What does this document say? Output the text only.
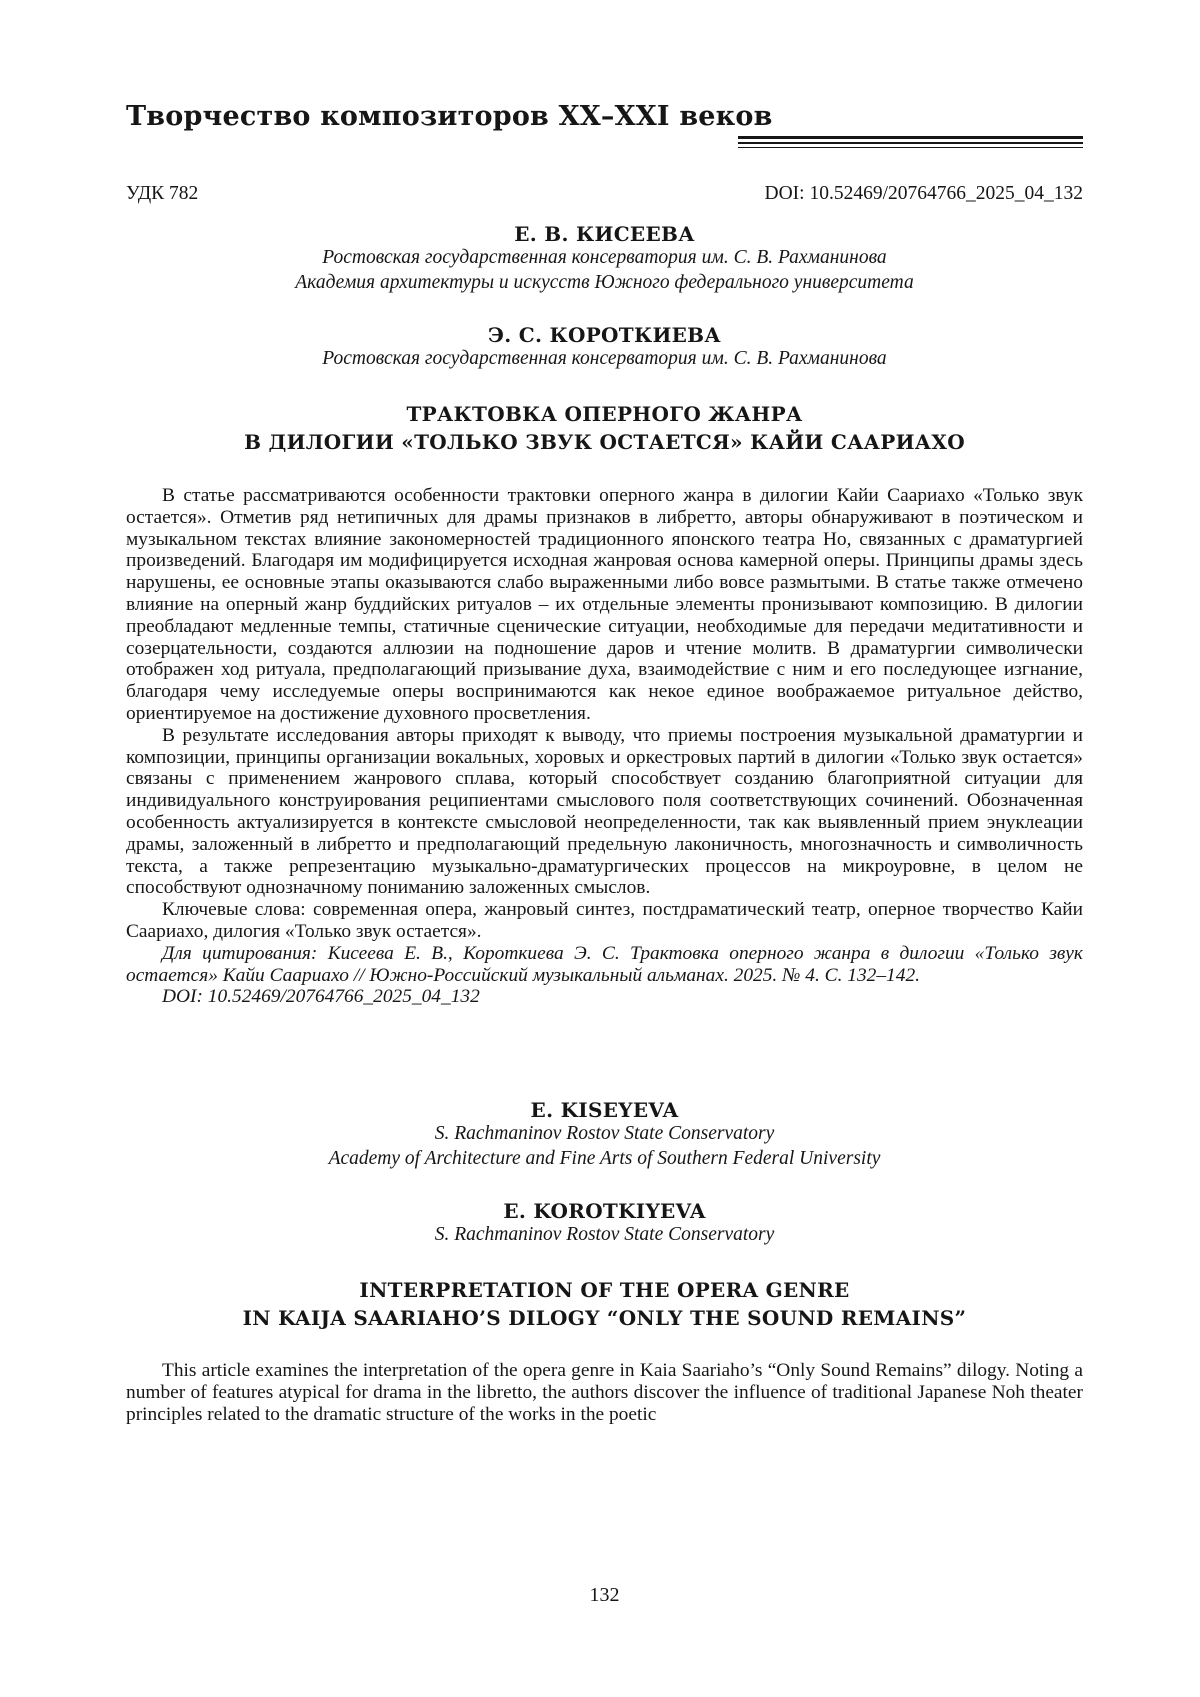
Творчество композиторов XX–XXI веков
УДК 782	DOI: 10.52469/20764766_2025_04_132
Е. В. КИСЕЕВА
Ростовская государственная консерватория им. С. В. Рахманинова
Академия архитектуры и искусств Южного федерального университета
Э. С. КОРОТКИЕВА
Ростовская государственная консерватория им. С. В. Рахманинова
ТРАКТОВКА ОПЕРНОГО ЖАНРА
В ДИЛОГИИ «ТОЛЬКО ЗВУК ОСТАЕТСЯ» КАЙИ СААРИАХО

В статье рассматриваются особенности трактовки оперного жанра в дилогии Кайи Саариахо «Только звук остается». Отметив ряд нетипичных для драмы признаков в либретто, авторы обнаруживают в поэтическом и музыкальном текстах влияние закономерностей традиционного японского театра Но, связанных с драматургией произведений. Благодаря им модифицируется исходная жанровая основа камерной оперы. Принципы драмы здесь нарушены, ее основные этапы оказываются слабо выраженными либо вовсе размытыми. В статье также отмечено влияние на оперный жанр буддийских ритуалов – их отдельные элементы пронизывают композицию. В дилогии преобладают медленные темпы, статичные сценические ситуации, необходимые для передачи медитативности и созерцательности, создаются аллюзии на подношение даров и чтение молитв. В драматургии символически отображен ход ритуала, предполагающий призывание духа, взаимодействие с ним и его последующее изгнание, благодаря чему исследуемые оперы воспринимаются как некое единое воображаемое ритуальное действо, ориентируемое на достижение духовного просветления.

В результате исследования авторы приходят к выводу, что приемы построения музыкальной драматургии и композиции, принципы организации вокальных, хоровых и оркестровых партий в дилогии «Только звук остается» связаны с применением жанрового сплава, который способствует созданию благоприятной ситуации для индивидуального конструирования реципиентами смыслового поля соответствующих сочинений. Обозначенная особенность актуализируется в контексте смысловой неопределенности, так как выявленный прием энуклеации драмы, заложенный в либретто и предполагающий предельную лаконичность, многозначность и символичность текста, а также репрезентацию музыкально-драматургических процессов на микроуровне, в целом не способствуют однозначному пониманию заложенных смыслов.

Ключевые слова: современная опера, жанровый синтез, постдраматический театр, оперное творчество Кайи Саариахо, дилогия «Только звук остается».

Для цитирования: Кисеева Е. В., Короткиева Э. С. Трактовка оперного жанра в дилогии «Только звук остается» Кайи Саариахо // Южно-Российский музыкальный альманах. 2025. № 4. С. 132–142.

DOI: 10.52469/20764766_2025_04_132

E. KISEYEVA
S. Rachmaninov Rostov State Conservatory
Academy of Architecture and Fine Arts of Southern Federal University
E. KOROTKIYEVA
S. Rachmaninov Rostov State Conservatory
INTERPRETATION OF THE OPERA GENRE
IN KAIJA SAARIAHO’S DILOGY “ONLY THE SOUND REMAINS”

This article examines the interpretation of the opera genre in Kaia Saariaho’s “Only Sound Remains” dilogy. Noting a number of features atypical for drama in the libretto, the authors discover the influence of traditional Japanese Noh theater principles related to the dramatic structure of the works in the poetic

132
